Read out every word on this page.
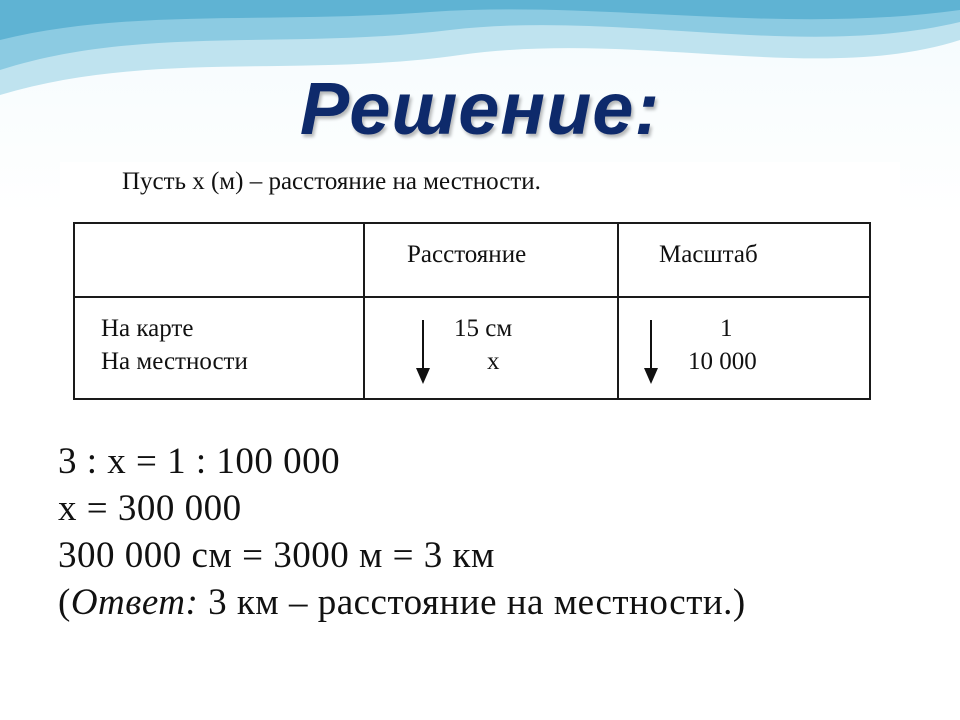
Решение:
Пусть x (м) – расстояние на местности.
Расстояние	Масштаб
На карте
На местности
15 см
x
1
10 000
3 : x = 1 : 100 000
x = 300 000
300 000 см = 3000 м = 3 км
(Ответ: 3 км – расстояние на местности.)
